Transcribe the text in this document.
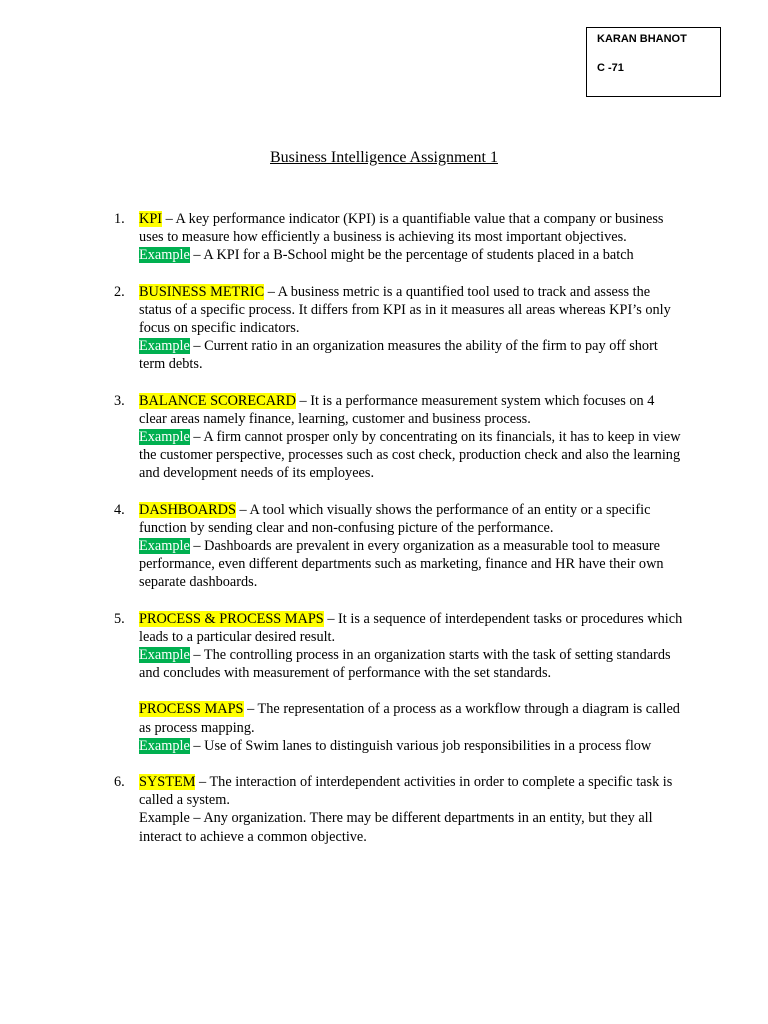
KARAN BHANOT
C -71
Business Intelligence Assignment 1
1. KPI – A key performance indicator (KPI) is a quantifiable value that a company or business uses to measure how efficiently a business is achieving its most important objectives.
Example – A KPI for a B-School might be the percentage of students placed in a batch
2. BUSINESS METRIC – A business metric is a quantified tool used to track and assess the status of a specific process. It differs from KPI as in it measures all areas whereas KPI’s only focus on specific indicators.
Example – Current ratio in an organization measures the ability of the firm to pay off short term debts.
3. BALANCE SCORECARD – It is a performance measurement system which focuses on 4 clear areas namely finance, learning, customer and business process.
Example – A firm cannot prosper only by concentrating on its financials, it has to keep in view the customer perspective, processes such as cost check, production check and also the learning and development needs of its employees.
4. DASHBOARDS – A tool which visually shows the performance of an entity or a specific function by sending clear and non-confusing picture of the performance.
Example – Dashboards are prevalent in every organization as a measurable tool to measure performance, even different departments such as marketing, finance and HR have their own separate dashboards.
5. PROCESS & PROCESS MAPS – It is a sequence of interdependent tasks or procedures which leads to a particular desired result.
Example – The controlling process in an organization starts with the task of setting standards and concludes with measurement of performance with the set standards.
PROCESS MAPS – The representation of a process as a workflow through a diagram is called as process mapping.
Example – Use of Swim lanes to distinguish various job responsibilities in a process flow
6. SYSTEM – The interaction of interdependent activities in order to complete a specific task is called a system.
Example – Any organization. There may be different departments in an entity, but they all interact to achieve a common objective.
